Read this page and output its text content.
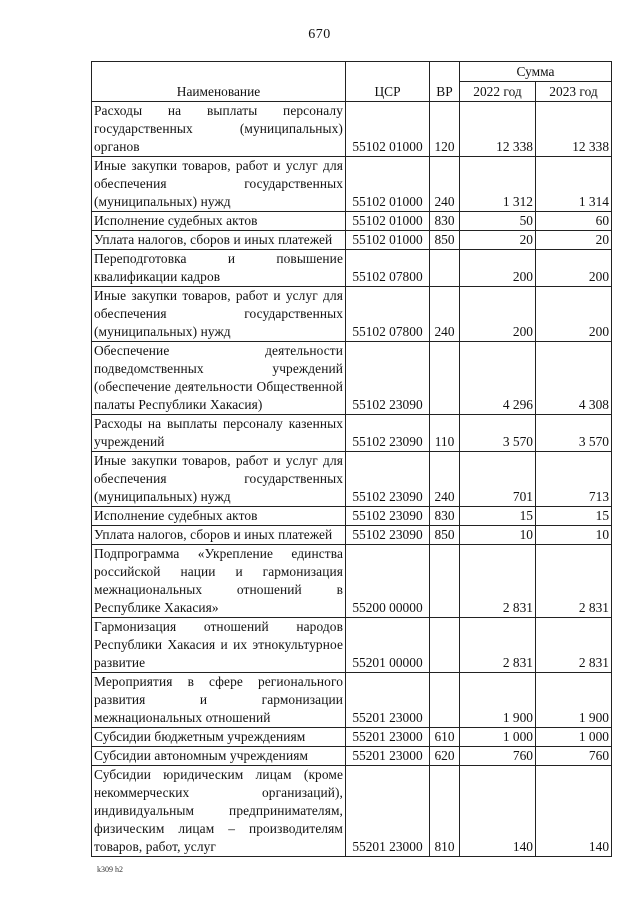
670
Наименование	ЦСР	ВР	Сумма	
			2022 год	2023 год
Расходы на выплаты персоналу государственных (муниципальных) органов	55102 01000	120	12 338	12 338
Иные закупки товаров, работ и услуг для обеспечения государственных (муниципальных) нужд	55102 01000	240	1 312	1 314
Исполнение судебных актов	55102 01000	830	50	60
Уплата налогов, сборов и иных платежей	55102 01000	850	20	20
Переподготовка и повышение квалификации кадров	55102 07800		200	200
Иные закупки товаров, работ и услуг для обеспечения государственных (муниципальных) нужд	55102 07800	240	200	200
Обеспечение деятельности подведомственных учреждений (обеспечение деятельности Общественной палаты Республики Хакасия)	55102 23090		4 296	4 308
Расходы на выплаты персоналу казенных учреждений	55102 23090	110	3 570	3 570
Иные закупки товаров, работ и услуг для обеспечения государственных (муниципальных) нужд	55102 23090	240	701	713
Исполнение судебных актов	55102 23090	830	15	15
Уплата налогов, сборов и иных платежей	55102 23090	850	10	10
Подпрограмма «Укрепление единства российской нации и гармонизация межнациональных отношений в Республике Хакасия»	55200 00000		2 831	2 831
Гармонизация отношений народов Республики Хакасия и их этнокультурное развитие	55201 00000		2 831	2 831
Мероприятия в сфере регионального развития и гармонизации межнациональных отношений	55201 23000		1 900	1 900
Субсидии бюджетным учреждениям	55201 23000	610	1 000	1 000
Субсидии автономным учреждениям	55201 23000	620	760	760
Субсидии юридическим лицам (кроме некоммерческих организаций), индивидуальным предпринимателям, физическим лицам – производителям товаров, работ, услуг	55201 23000	810	140	140
k309 h2
